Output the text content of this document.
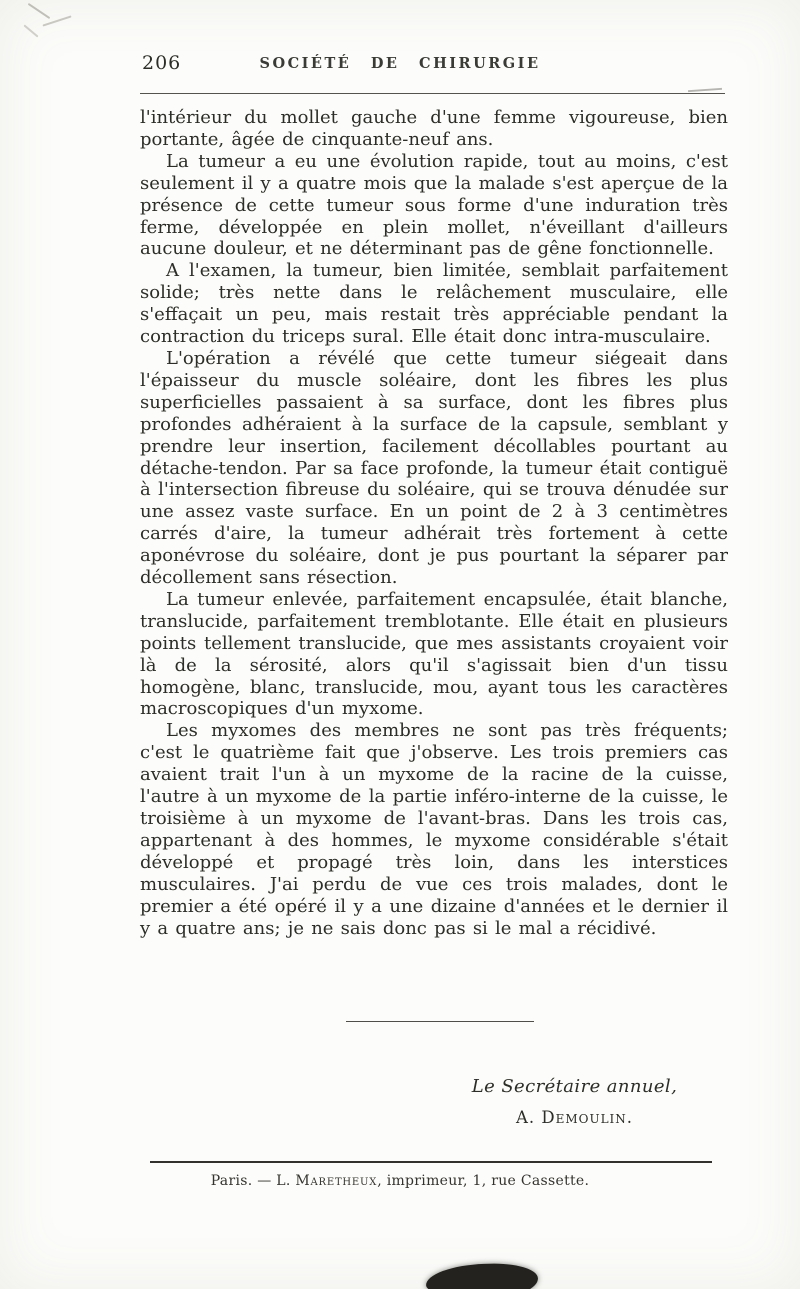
206	SOCIÉTÉ DE CHIRURGIE

l'intérieur du mollet gauche d'une femme vigoureuse, bien portante, âgée de cinquante-neuf ans.

La tumeur a eu une évolution rapide, tout au moins, c'est seulement il y a quatre mois que la malade s'est aperçue de la présence de cette tumeur sous forme d'une induration très ferme, développée en plein mollet, n'éveillant d'ailleurs aucune douleur, et ne déterminant pas de gêne fonctionnelle.

A l'examen, la tumeur, bien limitée, semblait parfaitement solide; très nette dans le relâchement musculaire, elle s'effaçait un peu, mais restait très appréciable pendant la contraction du triceps sural. Elle était donc intra-musculaire.

L'opération a révélé que cette tumeur siégeait dans l'épaisseur du muscle soléaire, dont les fibres les plus superficielles passaient à sa surface, dont les fibres plus profondes adhéraient à la surface de la capsule, semblant y prendre leur insertion, facilement décollables pourtant au détache-tendon. Par sa face profonde, la tumeur était contiguë à l'intersection fibreuse du soléaire, qui se trouva dénudée sur une assez vaste surface. En un point de 2 à 3 centimètres carrés d'aire, la tumeur adhérait très fortement à cette aponévrose du soléaire, dont je pus pourtant la séparer par décollement sans résection.

La tumeur enlevée, parfaitement encapsulée, était blanche, translucide, parfaitement tremblotante. Elle était en plusieurs points tellement translucide, que mes assistants croyaient voir là de la sérosité, alors qu'il s'agissait bien d'un tissu homogène, blanc, translucide, mou, ayant tous les caractères macroscopiques d'un myxome.

Les myxomes des membres ne sont pas très fréquents; c'est le quatrième fait que j'observe. Les trois premiers cas avaient trait l'un à un myxome de la racine de la cuisse, l'autre à un myxome de la partie inféro-interne de la cuisse, le troisième à un myxome de l'avant-bras. Dans les trois cas, appartenant à des hommes, le myxome considérable s'était développé et propagé très loin, dans les interstices musculaires. J'ai perdu de vue ces trois malades, dont le premier a été opéré il y a une dizaine d'années et le dernier il y a quatre ans; je ne sais donc pas si le mal a récidivé.

Le Secrétaire annuel,
A. Demoulin.
Paris. — L. Maretheux, imprimeur, 1, rue Cassette.
